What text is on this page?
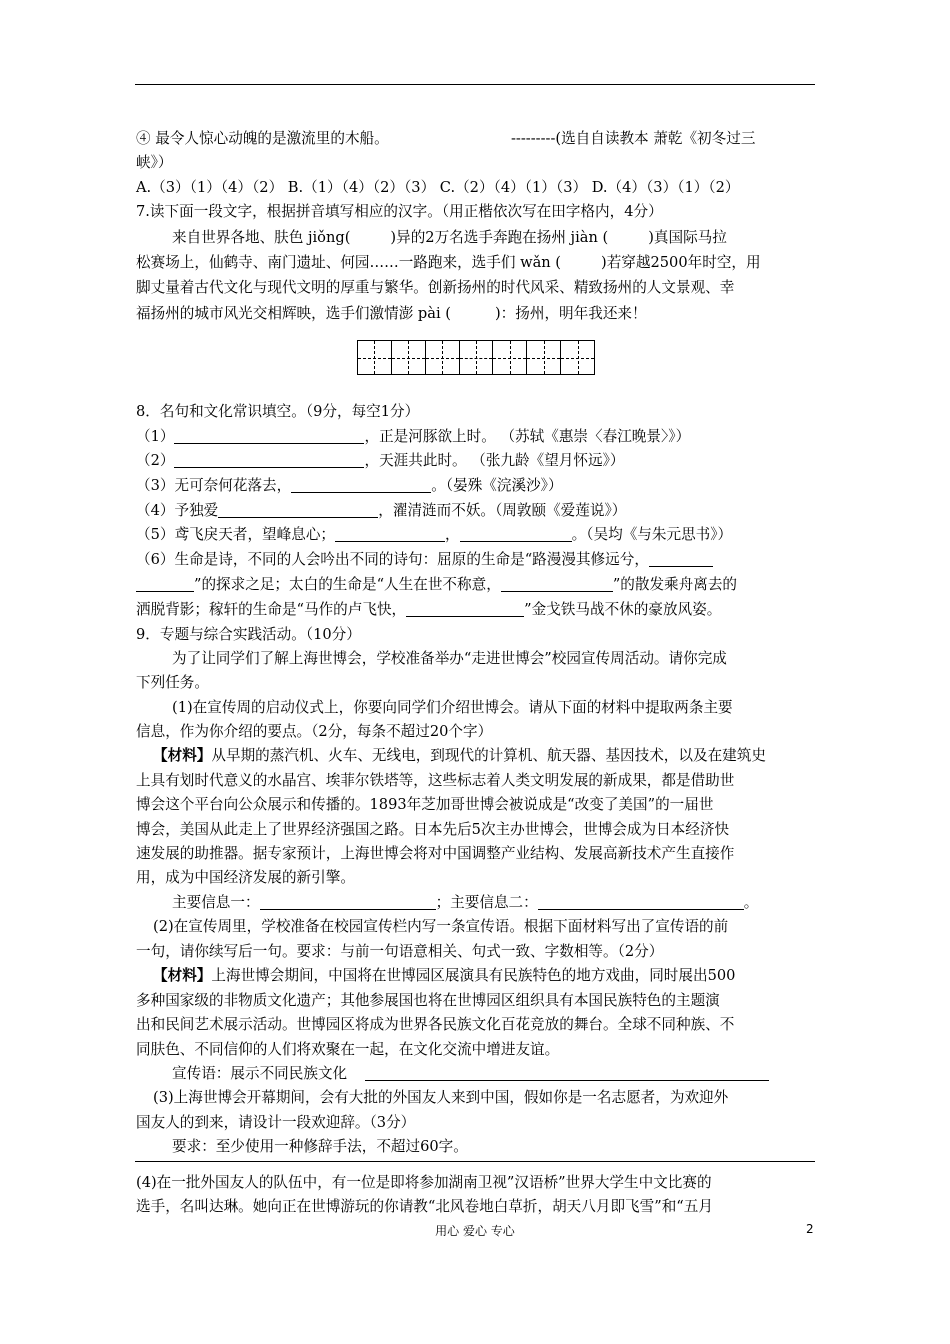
④ 最令人惊心动魄的是激流里的木船。	---------(选自自读教本 萧乾《初冬过三
峡》）
A.（3）（1）（4）（2） B.（1）（4）（2）（3） C.（2）（4）（1）（3） D.（4）（3）（1）（2）
7.读下面一段文字，根据拼音填写相应的汉字。（用正楷依次写在田字格内，4分）
来自世界各地、肤色 jiǒng(	)异的2万名选手奔跑在扬州 jiàn (	)真国际马拉
松赛场上，仙鹤寺、南门遗址、何园……一路跑来，选手们 wǎn (	)若穿越2500年时空，用
脚丈量着古代文化与现代文明的厚重与繁华。创新扬州的时代风采、精致扬州的人文景观、幸
福扬州的城市风光交相辉映，选手们激情澎 pài (	)：扬州，明年我还来！
8．名句和文化常识填空。（9分，每空1分）
（1）	，正是河豚欲上时。 （苏轼《惠崇〈春江晚景〉》）
（2）	，天涯共此时。 （张九龄《望月怀远》）
（3）无可奈何花落去，	。（晏殊《浣溪沙》）
（4）予独爱	，濯清涟而不妖。（周敦颐《爱莲说》）
（5）鸢飞戾天者，望峰息心；	，	。（吴均《与朱元思书》）
（6）生命是诗，不同的人会吟出不同的诗句：屈原的生命是“路漫漫其修远兮，
”的探求之足；太白的生命是“人生在世不称意，	”的散发乘舟离去的
洒脱背影；稼轩的生命是“马作的卢飞快，	”金戈铁马战不休的豪放风姿。
9．专题与综合实践活动。（10分）
为了让同学们了解上海世博会，学校准备举办“走进世博会”校园宣传周活动。请你完成
下列任务。
(1)在宣传周的启动仪式上，你要向同学们介绍世博会。请从下面的材料中提取两条主要
信息，作为你介绍的要点。（2分，每条不超过20个字）
【材料】从早期的蒸汽机、火车、无线电，到现代的计算机、航天器、基因技术，以及在建筑史
上具有划时代意义的水晶宫、埃菲尔铁塔等，这些标志着人类文明发展的新成果，都是借助世
博会这个平台向公众展示和传播的。1893年芝加哥世博会被说成是“改变了美国”的一届世
博会，美国从此走上了世界经济强国之路。日本先后5次主办世博会，世博会成为日本经济快
速发展的助推器。据专家预计，上海世博会将对中国调整产业结构、发展高新技术产生直接作
用，成为中国经济发展的新引擎。
主要信息一：	；主要信息二：	。
(2)在宣传周里，学校准备在校园宣传栏内写一条宣传语。根据下面材料写出了宣传语的前
一句，请你续写后一句。要求：与前一句语意相关、句式一致、字数相等。（2分）
【材料】上海世博会期间，中国将在世博园区展演具有民族特色的地方戏曲，同时展出500
多种国家级的非物质文化遗产；其他参展国也将在世博园区组织具有本国民族特色的主题演
出和民间艺术展示活动。世博园区将成为世界各民族文化百花竞放的舞台。全球不同种族、不
同肤色、不同信仰的人们将欢聚在一起，在文化交流中增进友谊。
宣传语：展示不同民族文化
(3)上海世博会开幕期间，会有大批的外国友人来到中国，假如你是一名志愿者，为欢迎外
国友人的到来，请设计一段欢迎辞。（3分）
要求：至少使用一种修辞手法，不超过60字。
(4)在一批外国友人的队伍中，有一位是即将参加湖南卫视”汉语桥”世界大学生中文比赛的
选手，名叫达琳。她向正在世博游玩的你请教“北风卷地白草折，胡天八月即飞雪”和“五月
用心 爱心 专心	2
